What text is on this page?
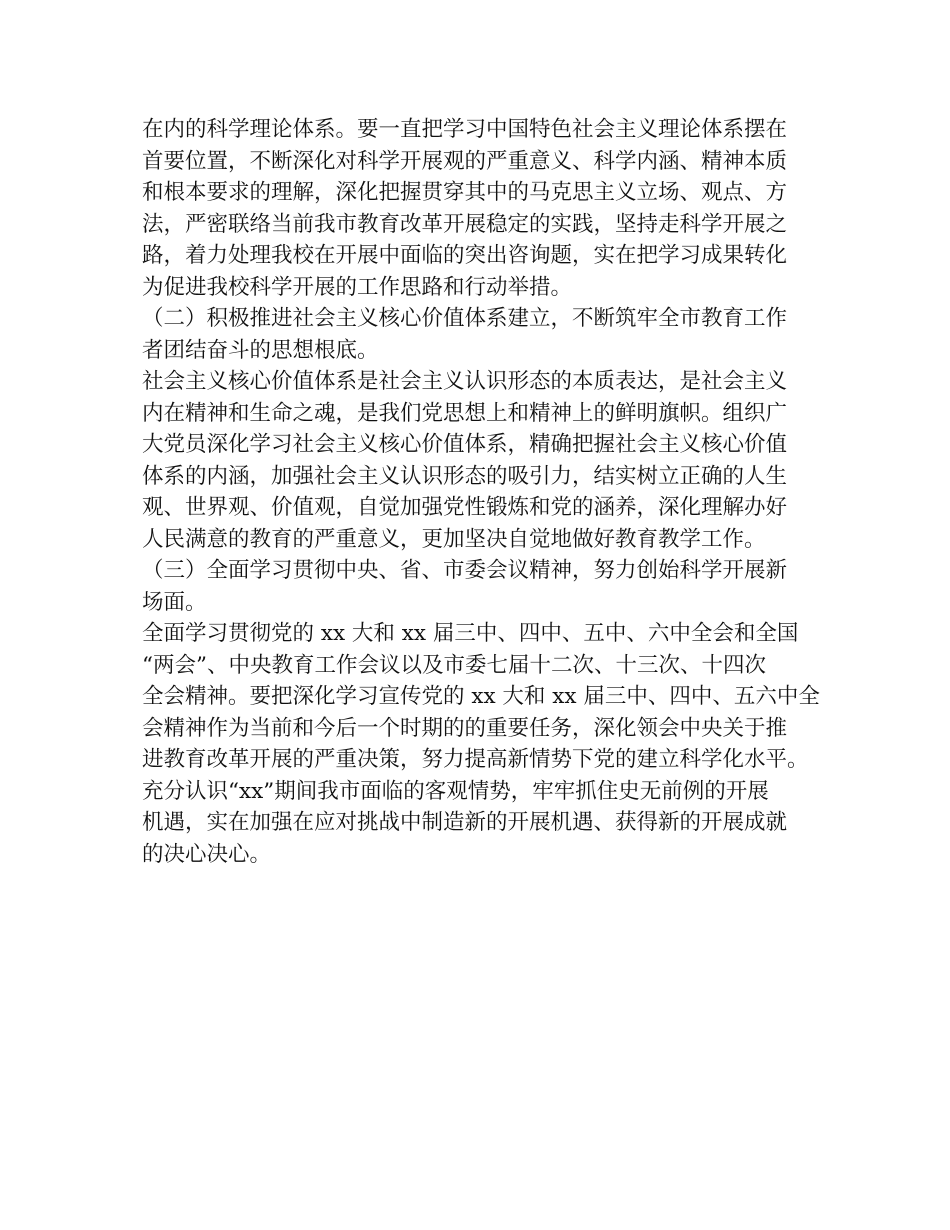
在内的科学理论体系。要一直把学习中国特色社会主义理论体系摆在
首要位置，不断深化对科学开展观的严重意义、科学内涵、精神本质
和根本要求的理解，深化把握贯穿其中的马克思主义立场、观点、方
法，严密联络当前我市教育改革开展稳定的实践，坚持走科学开展之
路，着力处理我校在开展中面临的突出咨询题，实在把学习成果转化
为促进我校科学开展的工作思路和行动举措。
（二）积极推进社会主义核心价值体系建立，不断筑牢全市教育工作
者团结奋斗的思想根底。
社会主义核心价值体系是社会主义认识形态的本质表达，是社会主义
内在精神和生命之魂，是我们党思想上和精神上的鲜明旗帜。组织广
大党员深化学习社会主义核心价值体系，精确把握社会主义核心价值
体系的内涵，加强社会主义认识形态的吸引力，结实树立正确的人生
观、世界观、价值观，自觉加强党性锻炼和党的涵养，深化理解办好
人民满意的教育的严重意义，更加坚决自觉地做好教育教学工作。
（三）全面学习贯彻中央、省、市委会议精神，努力创始科学开展新
场面。
全面学习贯彻党的 xx 大和 xx 届三中、四中、五中、六中全会和全国
“两会”、中央教育工作会议以及市委七届十二次、十三次、十四次
全会精神。要把深化学习宣传党的 xx 大和 xx 届三中、四中、五六中全
会精神作为当前和今后一个时期的的重要任务，深化领会中央关于推
进教育改革开展的严重决策，努力提高新情势下党的建立科学化水平。
充分认识“xx”期间我市面临的客观情势，牢牢抓住史无前例的开展
机遇，实在加强在应对挑战中制造新的开展机遇、获得新的开展成就
的决心决心。
